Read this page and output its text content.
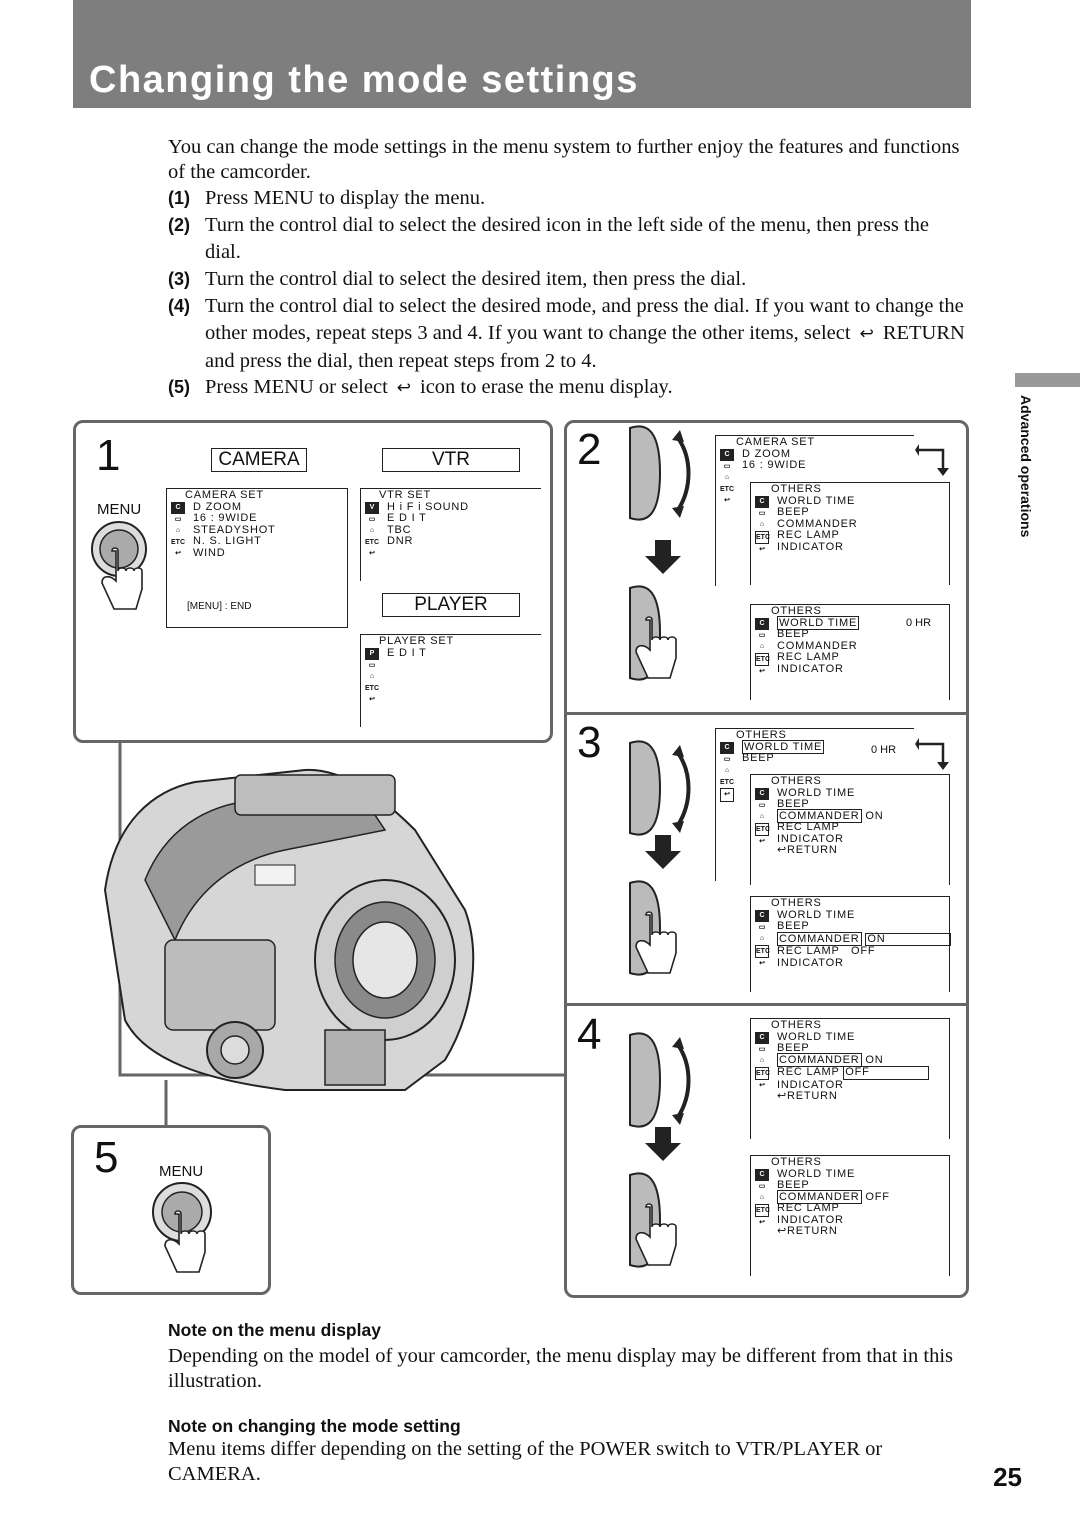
Changing the mode settings
You can change the mode settings in the menu system to further enjoy the features and functions of the camcorder.
(1) Press MENU to display the menu.
(2) Turn the control dial to select the desired icon in the left side of the menu, then press the dial.
(3) Turn the control dial to select the desired item, then press the dial.
(4) Turn the control dial to select the desired mode, and press the dial. If you want to change the other modes, repeat steps 3 and 4. If you want to change the other items, select ↩ RETURN and press the dial, then repeat steps from 2 to 4.
(5) Press MENU or select ↩ icon to erase the menu display.
Advanced operations
1
MENU
CAMERA	VTR
PLAYER
C
▭
⌂
ETC
↩
CAMERA SET
D ZOOM
16 : 9WIDE
STEADYSHOT
N. S. LIGHT
WIND
[MENU] : END
V
▭
⌂
ETC
↩
VTR SET
H i F i SOUND
E D I T
TBC
DNR
P
▭
⌂
ETC
↩
PLAYER SET
E D I T
5	MENU
2
3
4
C
▭
⌂
ETC
↩
CAMERA SET
D ZOOM
16 : 9WIDE
C
▭
⌂
ETC
↩
OTHERS
WORLD TIME
BEEP
COMMANDER
REC LAMP
INDICATOR
C
▭
⌂
ETC
↩
OTHERS
WORLD TIME
BEEP
COMMANDER
REC LAMP
INDICATOR
0 HR
C
▭
⌂
ETC
↩
OTHERS
WORLD TIME
BEEP
0 HR
C
▭
⌂
ETC
↩
OTHERS
WORLD TIME
BEEP
COMMANDER ON
REC LAMP
INDICATOR
↩RETURN
C
▭
⌂
ETC
↩
OTHERS
WORLD TIME
BEEP
COMMANDER ON
REC LAMP OFF
INDICATOR
C
▭
⌂
ETC
↩
OTHERS
WORLD TIME
BEEP
COMMANDER ON
REC LAMP OFF
INDICATOR
↩RETURN
C
▭
⌂
ETC
↩
OTHERS
WORLD TIME
BEEP
COMMANDER OFF
REC LAMP
INDICATOR
↩RETURN
Note on the menu display
Depending on the model of your camcorder, the menu display may be different from that in this illustration.
Note on changing the mode setting
Menu items differ depending on the setting of the POWER switch to VTR/PLAYER or CAMERA.	25
